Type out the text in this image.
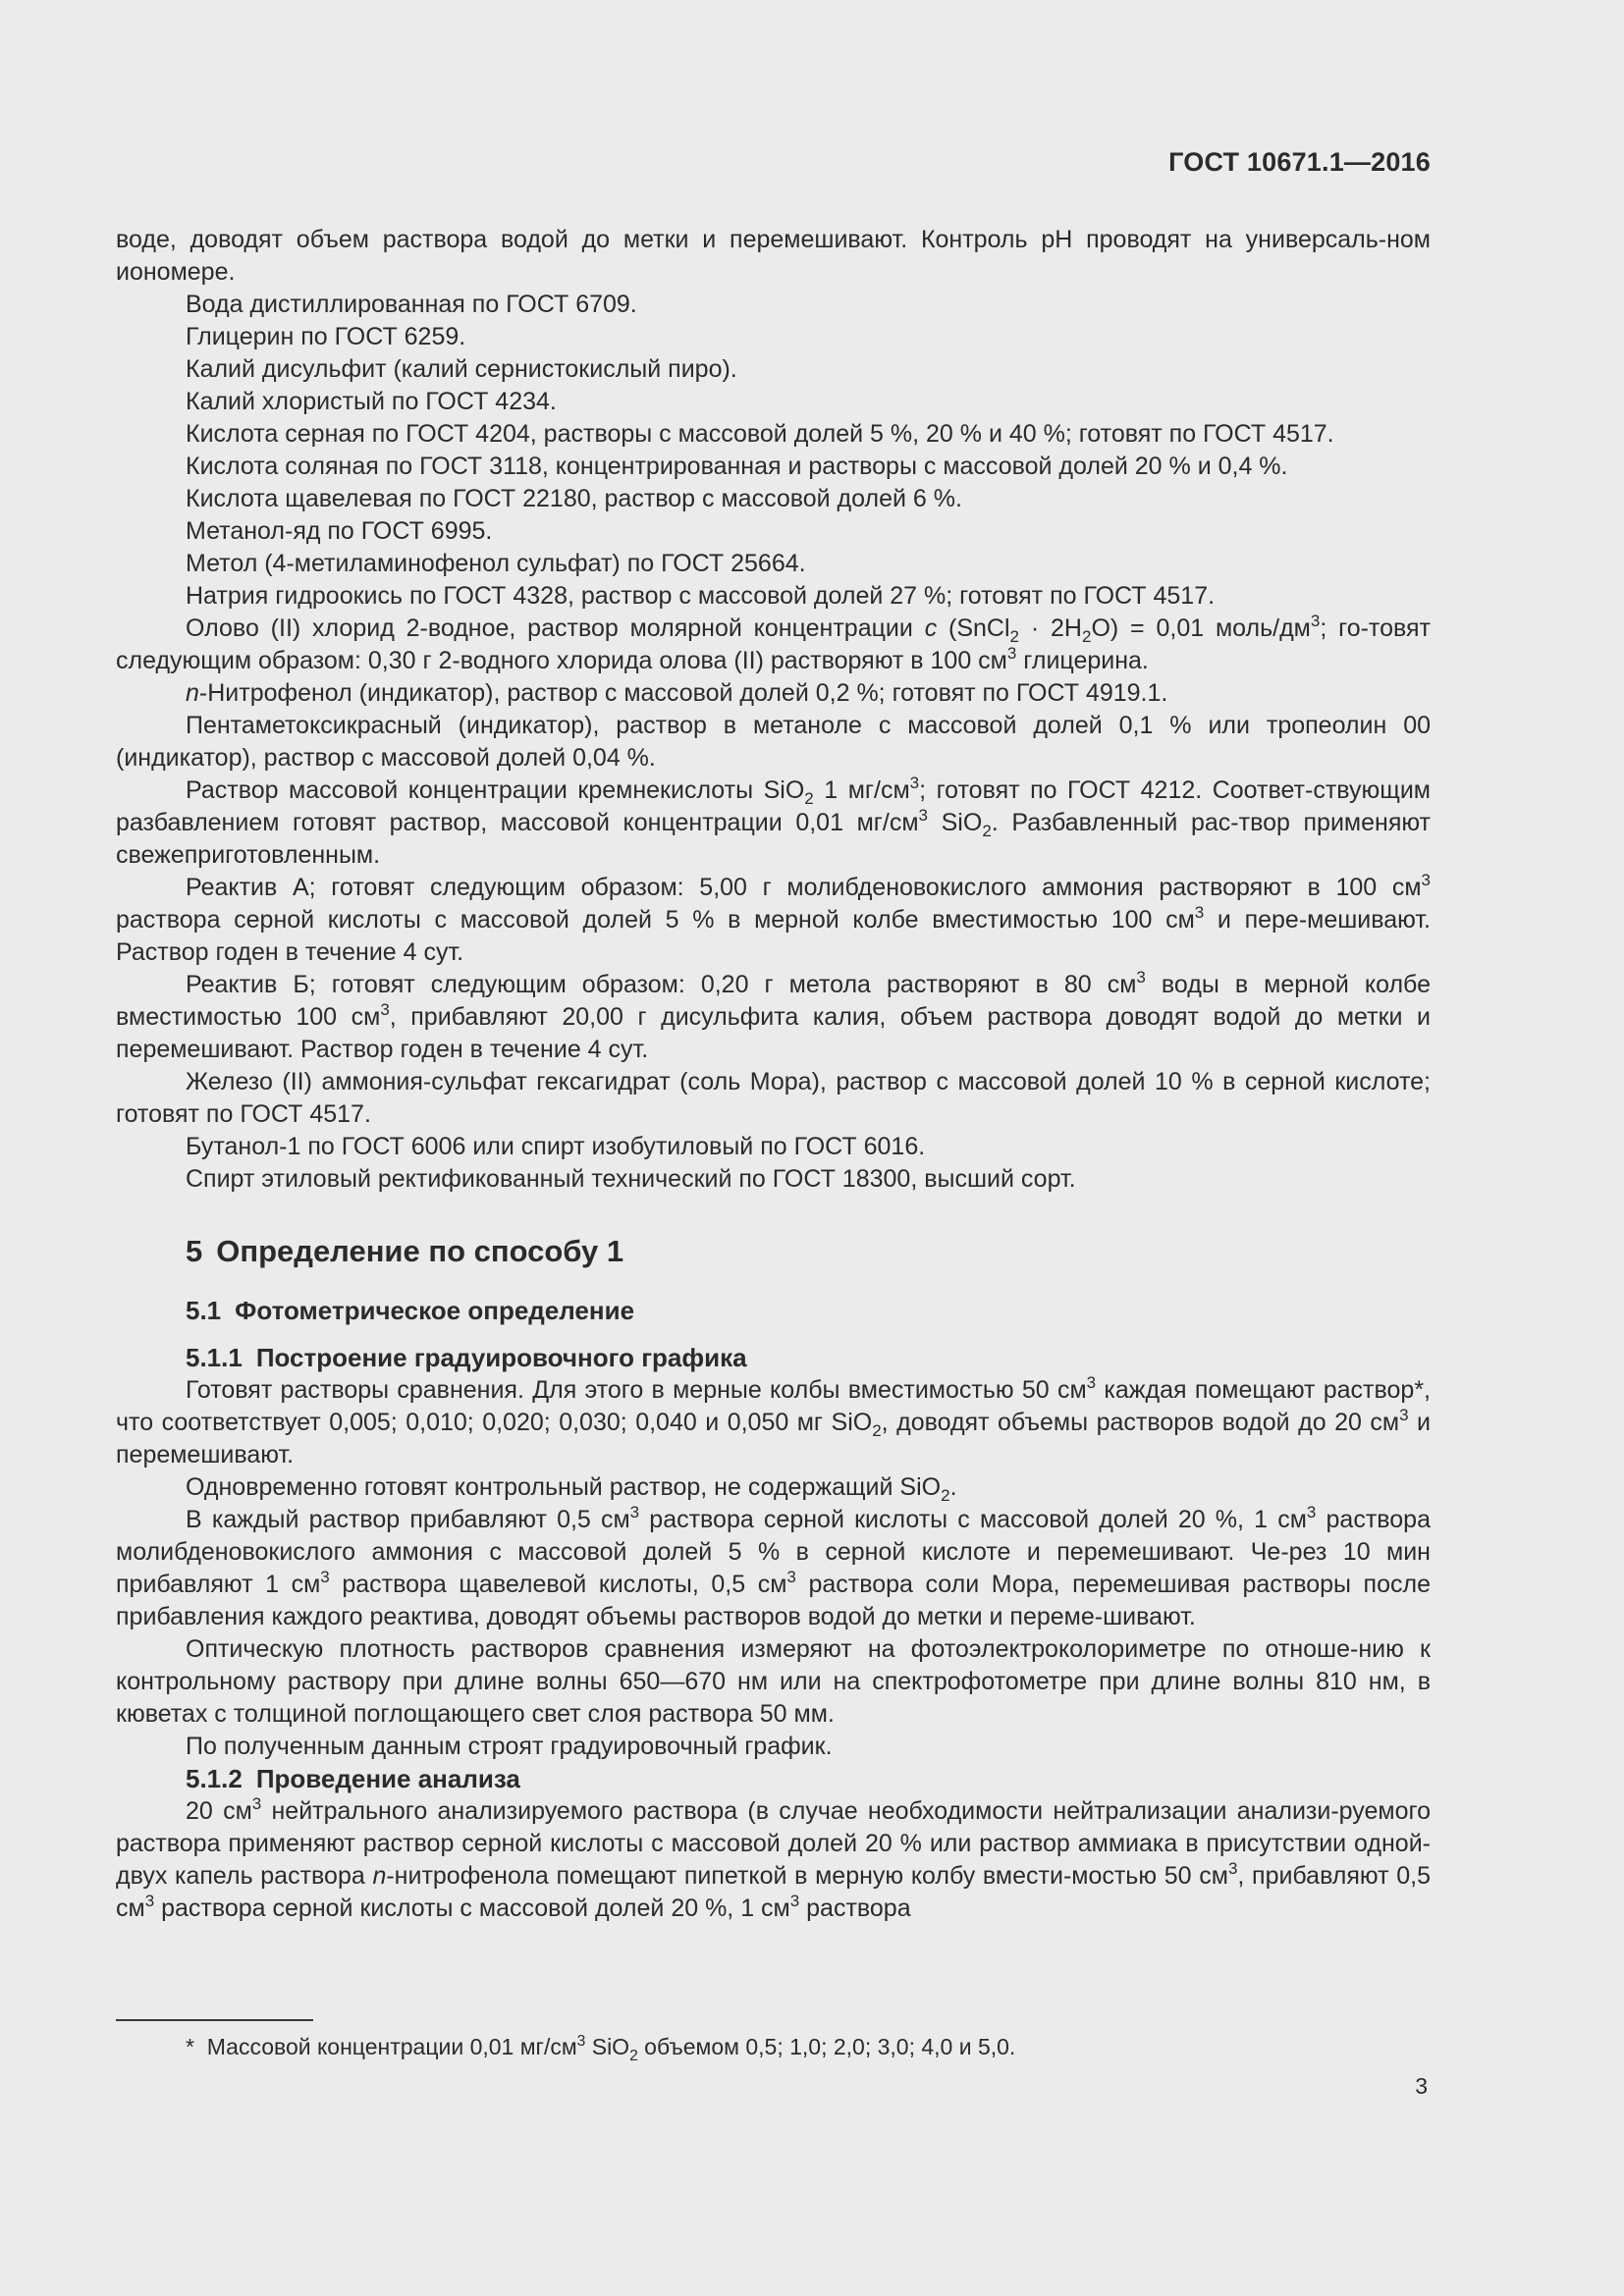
ГОСТ 10671.1—2016

воде, доводят объем раствора водой до метки и перемешивают. Контроль рН проводят на универсаль-ном иономере.

Вода дистиллированная по ГОСТ 6709.

Глицерин по ГОСТ 6259.

Калий дисульфит (калий сернистокислый пиро).

Калий хлористый по ГОСТ 4234.

Кислота серная по ГОСТ 4204, растворы с массовой долей 5 %, 20 % и 40 %; готовят по ГОСТ 4517.

Кислота соляная по ГОСТ 3118, концентрированная и растворы с массовой долей 20 % и 0,4 %.

Кислота щавелевая по ГОСТ 22180, раствор с массовой долей 6 %.

Метанол-яд по ГОСТ 6995.

Метол (4-метиламинофенол сульфат) по ГОСТ 25664.

Натрия гидроокись по ГОСТ 4328, раствор с массовой долей 27 %; готовят по ГОСТ 4517.

Олово (II) хлорид 2-водное, раствор молярной концентрации с (SnCl$_2$ · $2H_2O) = 0,01$ моль/$дм^3$; го-товят следующим образом: 0,30 г 2-водного хлорида олова (II) растворяют в 100 $см^3$ глицерина.

n-Нитрофенол (индикатор), раствор с массовой долей 0,2 %; готовят по ГОСТ 4919.1.

Пентаметоксикрасный (индикатор), раствор в метаноле с массовой долей 0,1 % или тропеолин 00 (индикатор), раствор с массовой долей 0,04 %.

Раствор массовой концентрации кремнекислоты SiO$_2$ 1 $мг/см^3$; готовят по ГОСТ 4212. Соответ-ствующим разбавлением готовят раствор, массовой концентрации 0,01 $мг/см^3$ SiO$_2$. Разбавленный рас-твор применяют свежеприготовленным.

Реактив А; готовят следующим образом: 5,00 г молибденовокислого аммония растворяют в 100 $см^3$ раствора серной кислоты с массовой долей 5 % в мерной колбе вместимостью 100 $см^3$ и пере-мешивают. Раствор годен в течение 4 сут.

Реактив Б; готовят следующим образом: 0,20 г метола растворяют в 80 $см^3$ воды в мерной колбе вместимостью 100 $см^3$, прибавляют 20,00 г дисульфита калия, объем раствора доводят водой до метки и перемешивают. Раствор годен в течение 4 сут.

Железо (II) аммония-сульфат гексагидрат (соль Мора), раствор с массовой долей 10 % в серной кислоте; готовят по ГОСТ 4517.

Бутанол-1 по ГОСТ 6006 или спирт изобутиловый по ГОСТ 6016.

Спирт этиловый ректификованный технический по ГОСТ 18300, высший сорт.

5 Определение по способу 1
5.1 Фотометрическое определение
5.1.1 Построение градуировочного графика

Готовят растворы сравнения. Для этого в мерные колбы вместимостью 50 $см^3$ каждая помещают раствор*, что соответствует 0,005; 0,010; 0,020; 0,030; 0,040 и 0,050 мг SiO$_2$, доводят объемы растворов водой до 20 $см^3$ и перемешивают.

Одновременно готовят контрольный раствор, не содержащий SiO$_2$.

В каждый раствор прибавляют 0,5 $см^3$ раствора серной кислоты с массовой долей 20 %, 1 $см^3$ раствора молибденовокислого аммония с массовой долей 5 % в серной кислоте и перемешивают. Че-рез 10 мин прибавляют 1 $см^3$ раствора щавелевой кислоты, 0,5 $см^3$ раствора соли Мора, перемешивая растворы после прибавления каждого реактива, доводят объемы растворов водой до метки и переме-шивают.

Оптическую плотность растворов сравнения измеряют на фотоэлектроколориметре по отноше-нию к контрольному раствору при длине волны 650—670 нм или на спектрофотометре при длине волны 810 нм, в кюветах с толщиной поглощающего свет слоя раствора 50 мм.

По полученным данным строят градуировочный график.

5.1.2 Проведение анализа

20 $см^3$ нейтрального анализируемого раствора (в случае необходимости нейтрализации анализи-руемого раствора применяют раствор серной кислоты с массовой долей 20 % или раствор аммиака в присутствии одной-двух капель раствора n-нитрофенола помещают пипеткой в мерную колбу вмести-мостью 50 $см^3$, прибавляют 0,5 $см^3$ раствора серной кислоты с массовой долей 20 %, 1 $см^3$ раствора

* Массовой концентрации 0,01 $мг/см^3$ SiO$_2$ объемом 0,5; 1,0; 2,0; 3,0; 4,0 и 5,0.
3
